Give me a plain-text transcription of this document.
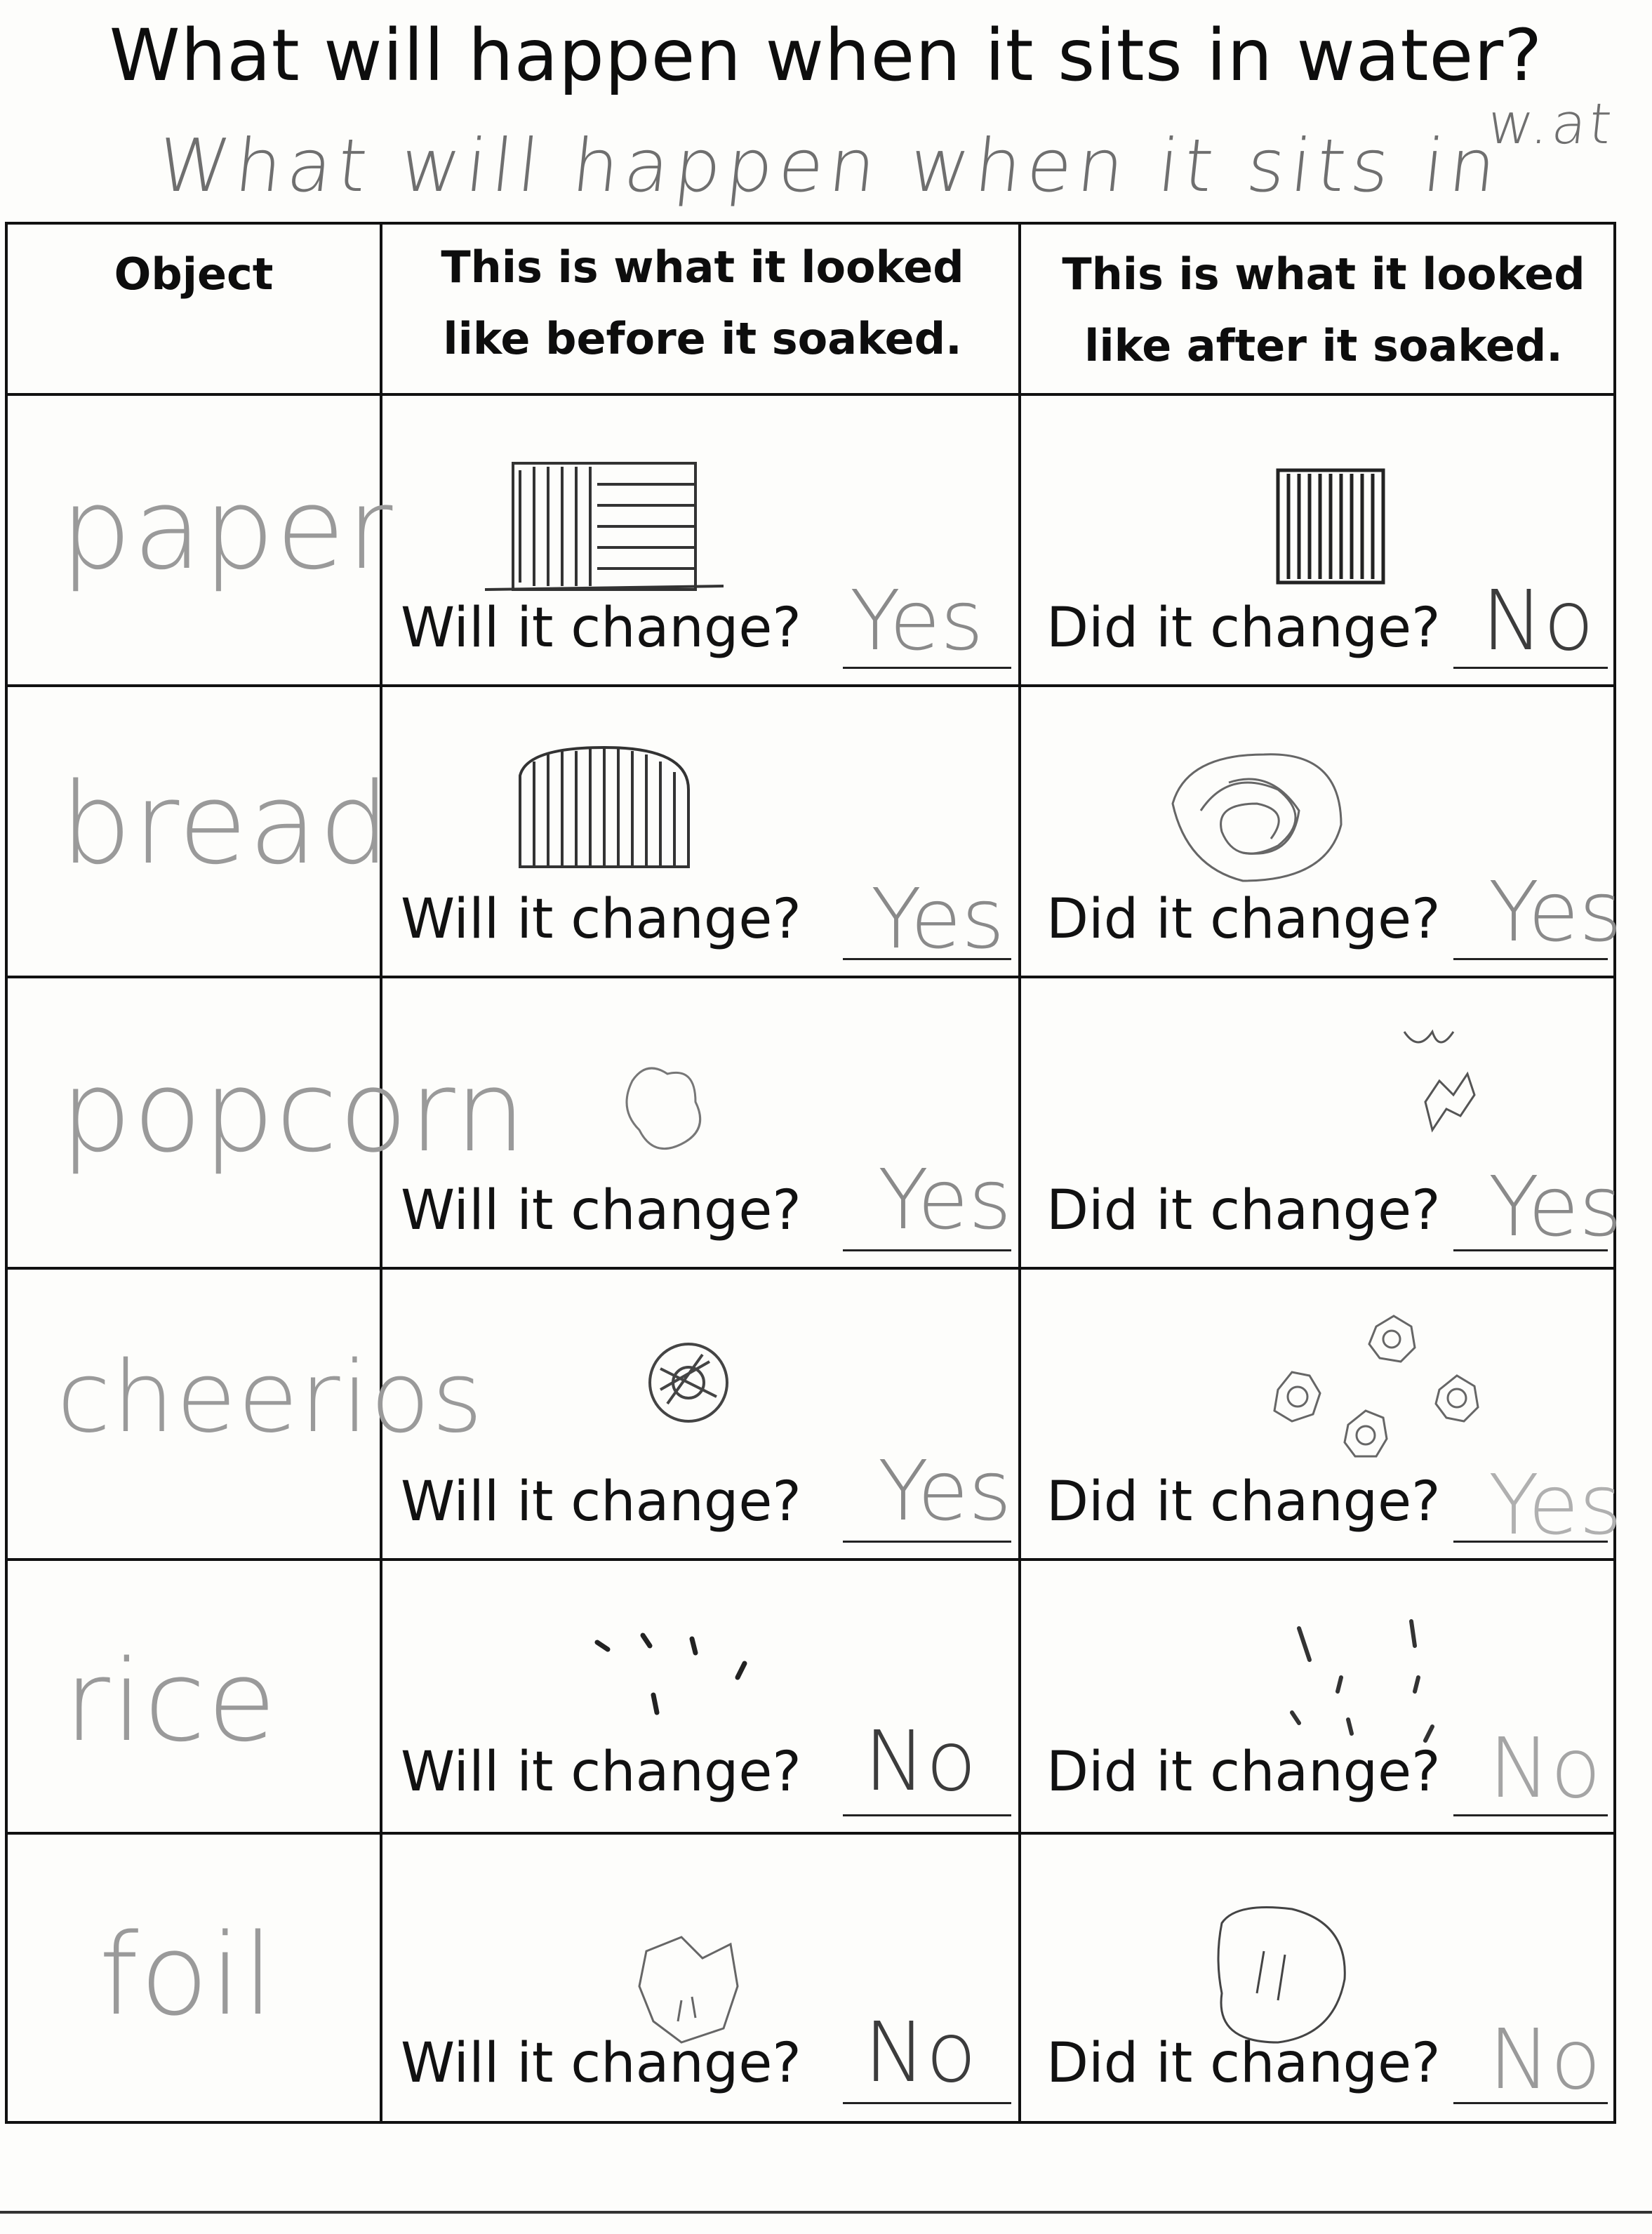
What will happen when it sits in water?
What will happen when it sits in
w.at
Object	This is what it looked like before it soaked.
This is what it looked like after it soaked.
paper
Will it change? Yes Did it change? No
bread
Will it change? Yes Did it change? Yes
popcorn
Will it change? Yes Did it change? Yes
cheerios
Will it change? Yes Did it change? Yes
rice
Will it change? No Did it change? No
foil
Will it change? No Did it change? No
